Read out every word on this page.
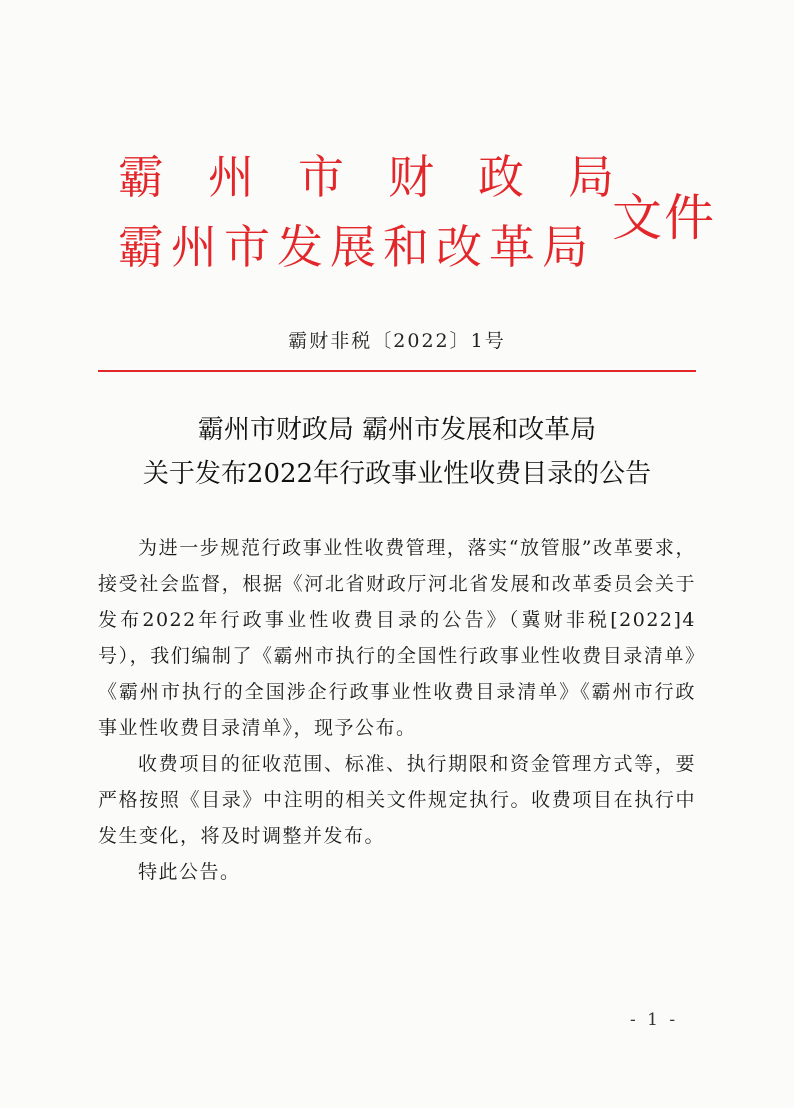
霸州市财政局
霸州市发展和改革局 文件
霸财非税〔2022〕1号
霸州市财政局 霸州市发展和改革局
关于发布2022年行政事业性收费目录的公告

为进一步规范行政事业性收费管理，落实“放管服”改革要求，接受社会监督，根据《河北省财政厅河北省发展和改革委员会关于发布2022年行政事业性收费目录的公告》（冀财非税[2022]4号），我们编制了《霸州市执行的全国性行政事业性收费目录清单》《霸州市执行的全国涉企行政事业性收费目录清单》《霸州市行政事业性收费目录清单》，现予公布。

收费项目的征收范围、标准、执行期限和资金管理方式等，要严格按照《目录》中注明的相关文件规定执行。收费项目在执行中发生变化，将及时调整并发布。

特此公告。

- 1 -
